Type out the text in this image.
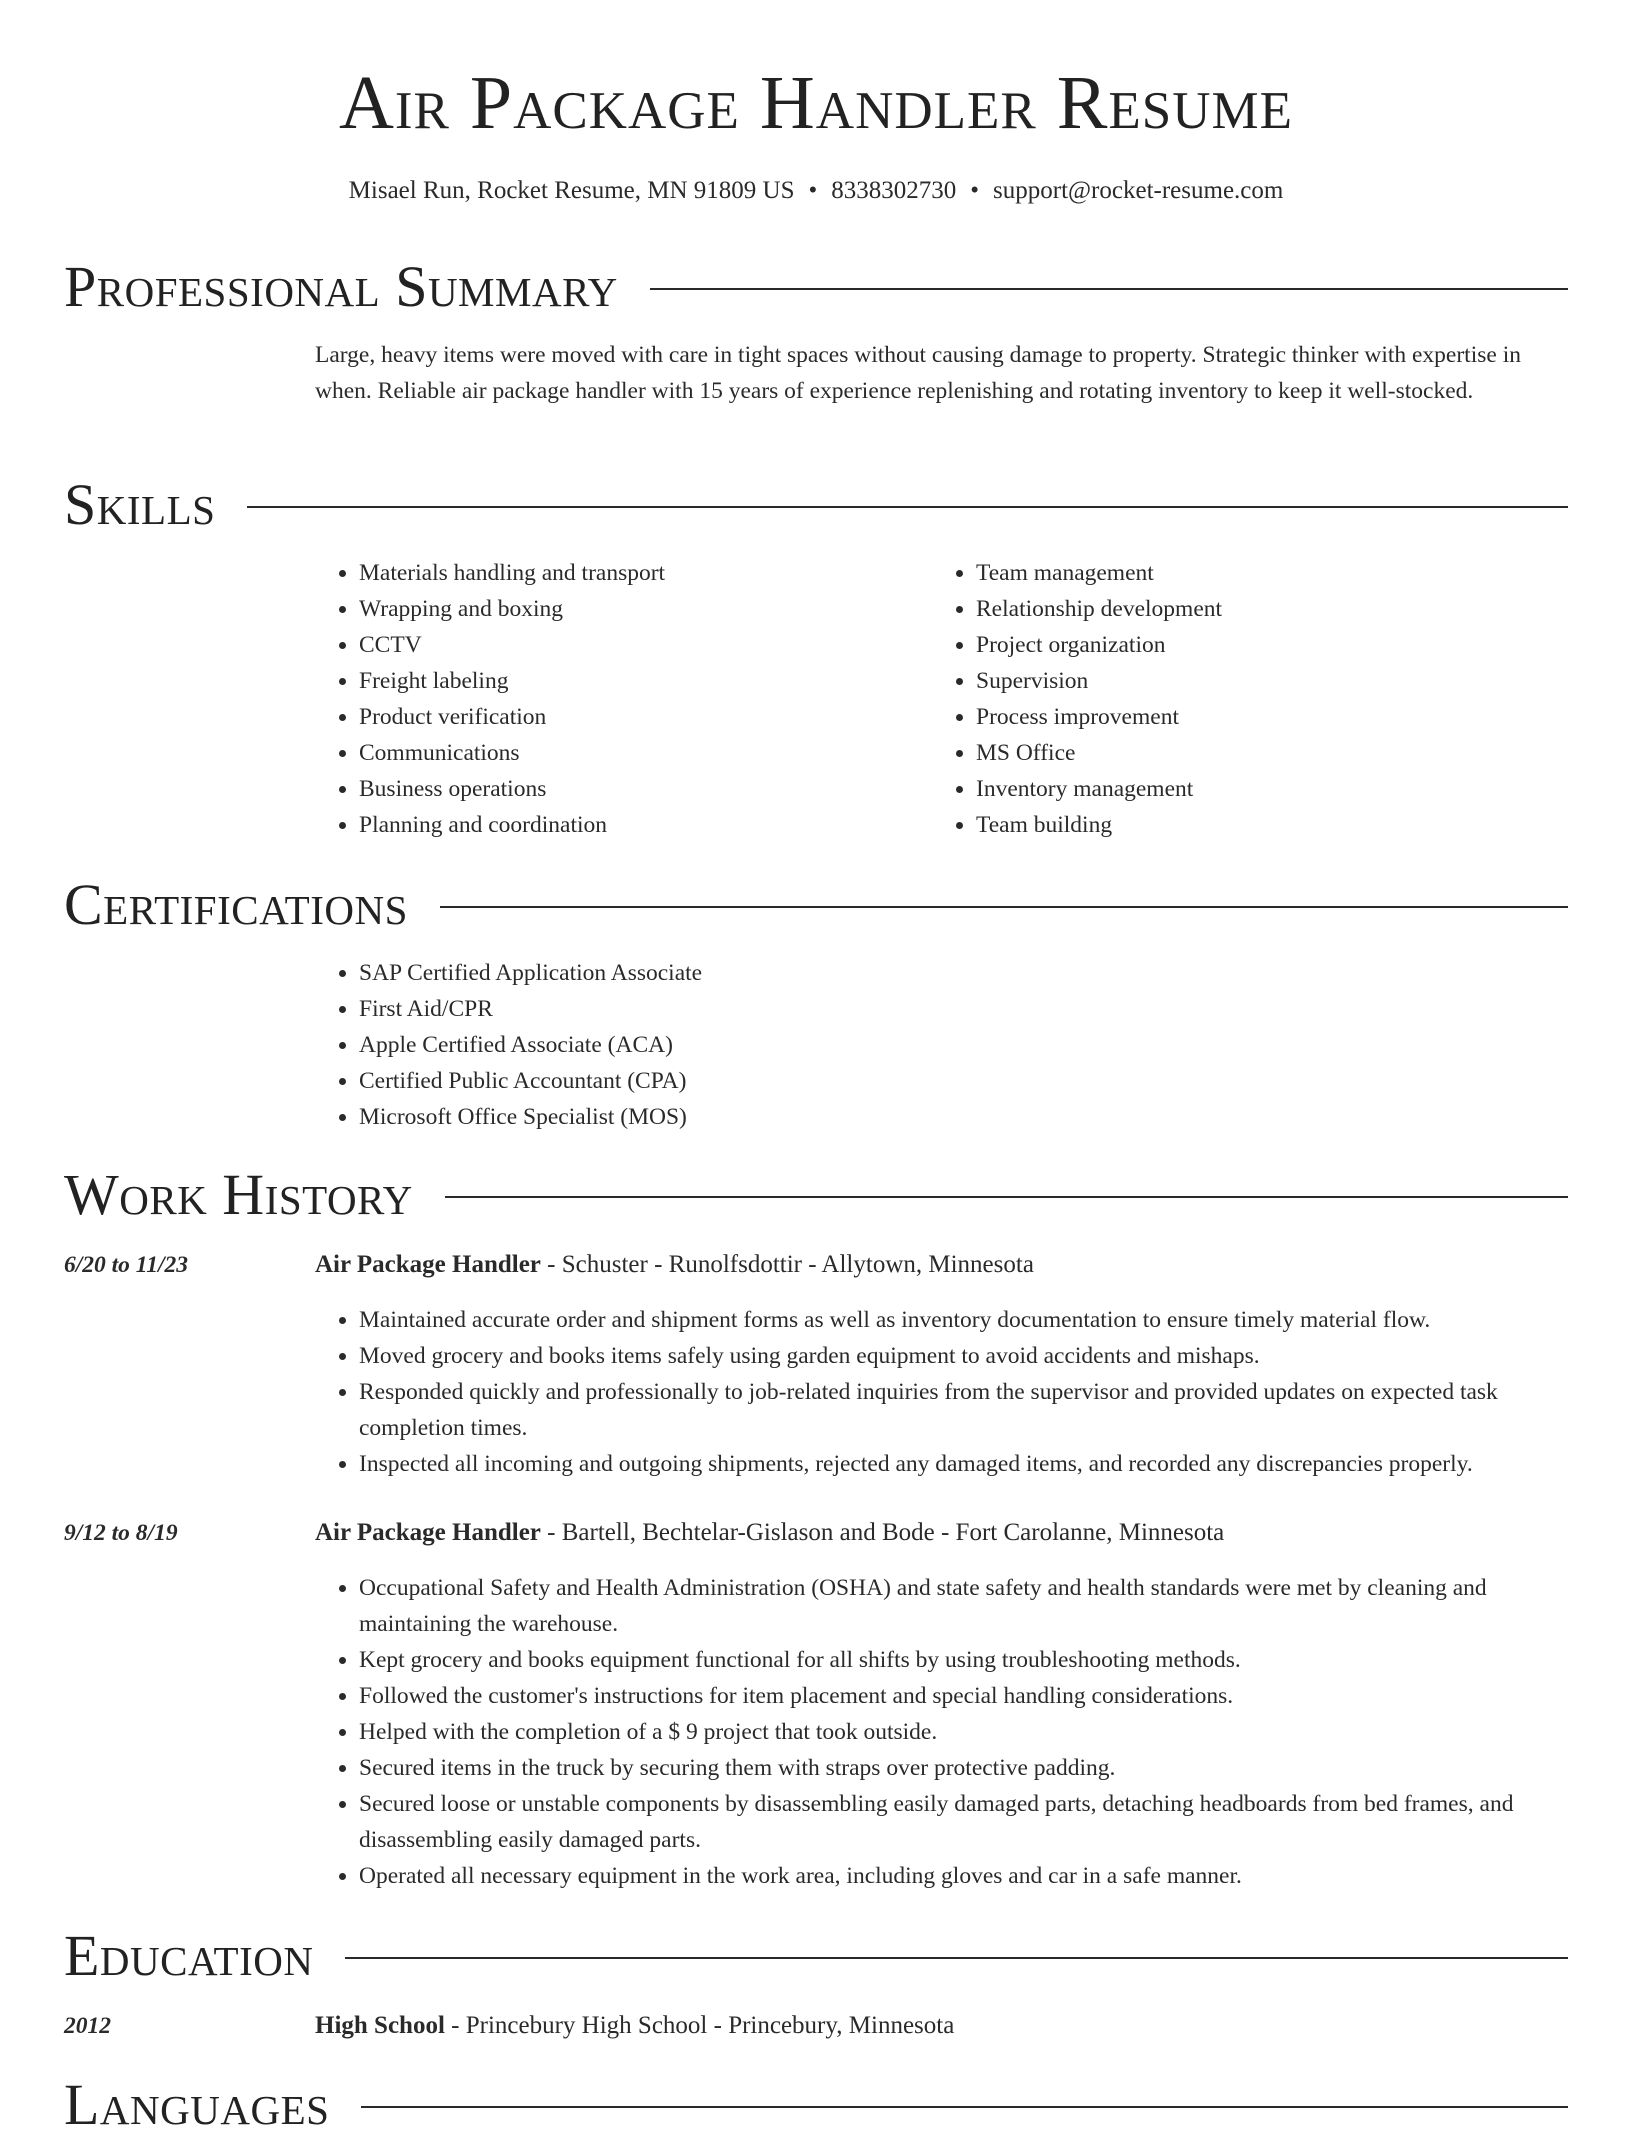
Air Package Handler Resume
Misael Run, Rocket Resume, MN 91809 US • 8338302730 • support@rocket-resume.com
Professional Summary
Large, heavy items were moved with care in tight spaces without causing damage to property. Strategic thinker with expertise in when. Reliable air package handler with 15 years of experience replenishing and rotating inventory to keep it well-stocked.
Skills
• Materials handling and transport
• Wrapping and boxing
• CCTV
• Freight labeling
• Product verification
• Communications
• Business operations
• Planning and coordination
• Team management
• Relationship development
• Project organization
• Supervision
• Process improvement
• MS Office
• Inventory management
• Team building
Certifications
• SAP Certified Application Associate
• First Aid/CPR
• Apple Certified Associate (ACA)
• Certified Public Accountant (CPA)
• Microsoft Office Specialist (MOS)
Work History
6/20 to 11/23	Air Package Handler - Schuster - Runolfsdottir - Allytown, Minnesota
• Maintained accurate order and shipment forms as well as inventory documentation to ensure timely material flow.
• Moved grocery and books items safely using garden equipment to avoid accidents and mishaps.
• Responded quickly and professionally to job-related inquiries from the supervisor and provided updates on expected task completion times.
• Inspected all incoming and outgoing shipments, rejected any damaged items, and recorded any discrepancies properly.
9/12 to 8/19	Air Package Handler - Bartell, Bechtelar-Gislason and Bode - Fort Carolanne, Minnesota
• Occupational Safety and Health Administration (OSHA) and state safety and health standards were met by cleaning and maintaining the warehouse.
• Kept grocery and books equipment functional for all shifts by using troubleshooting methods.
• Followed the customer's instructions for item placement and special handling considerations.
• Helped with the completion of a $ 9 project that took outside.
• Secured items in the truck by securing them with straps over protective padding.
• Secured loose or unstable components by disassembling easily damaged parts, detaching headboards from bed frames, and disassembling easily damaged parts.
• Operated all necessary equipment in the work area, including gloves and car in a safe manner.
Education
2012	High School - Princebury High School - Princebury, Minnesota
Languages
